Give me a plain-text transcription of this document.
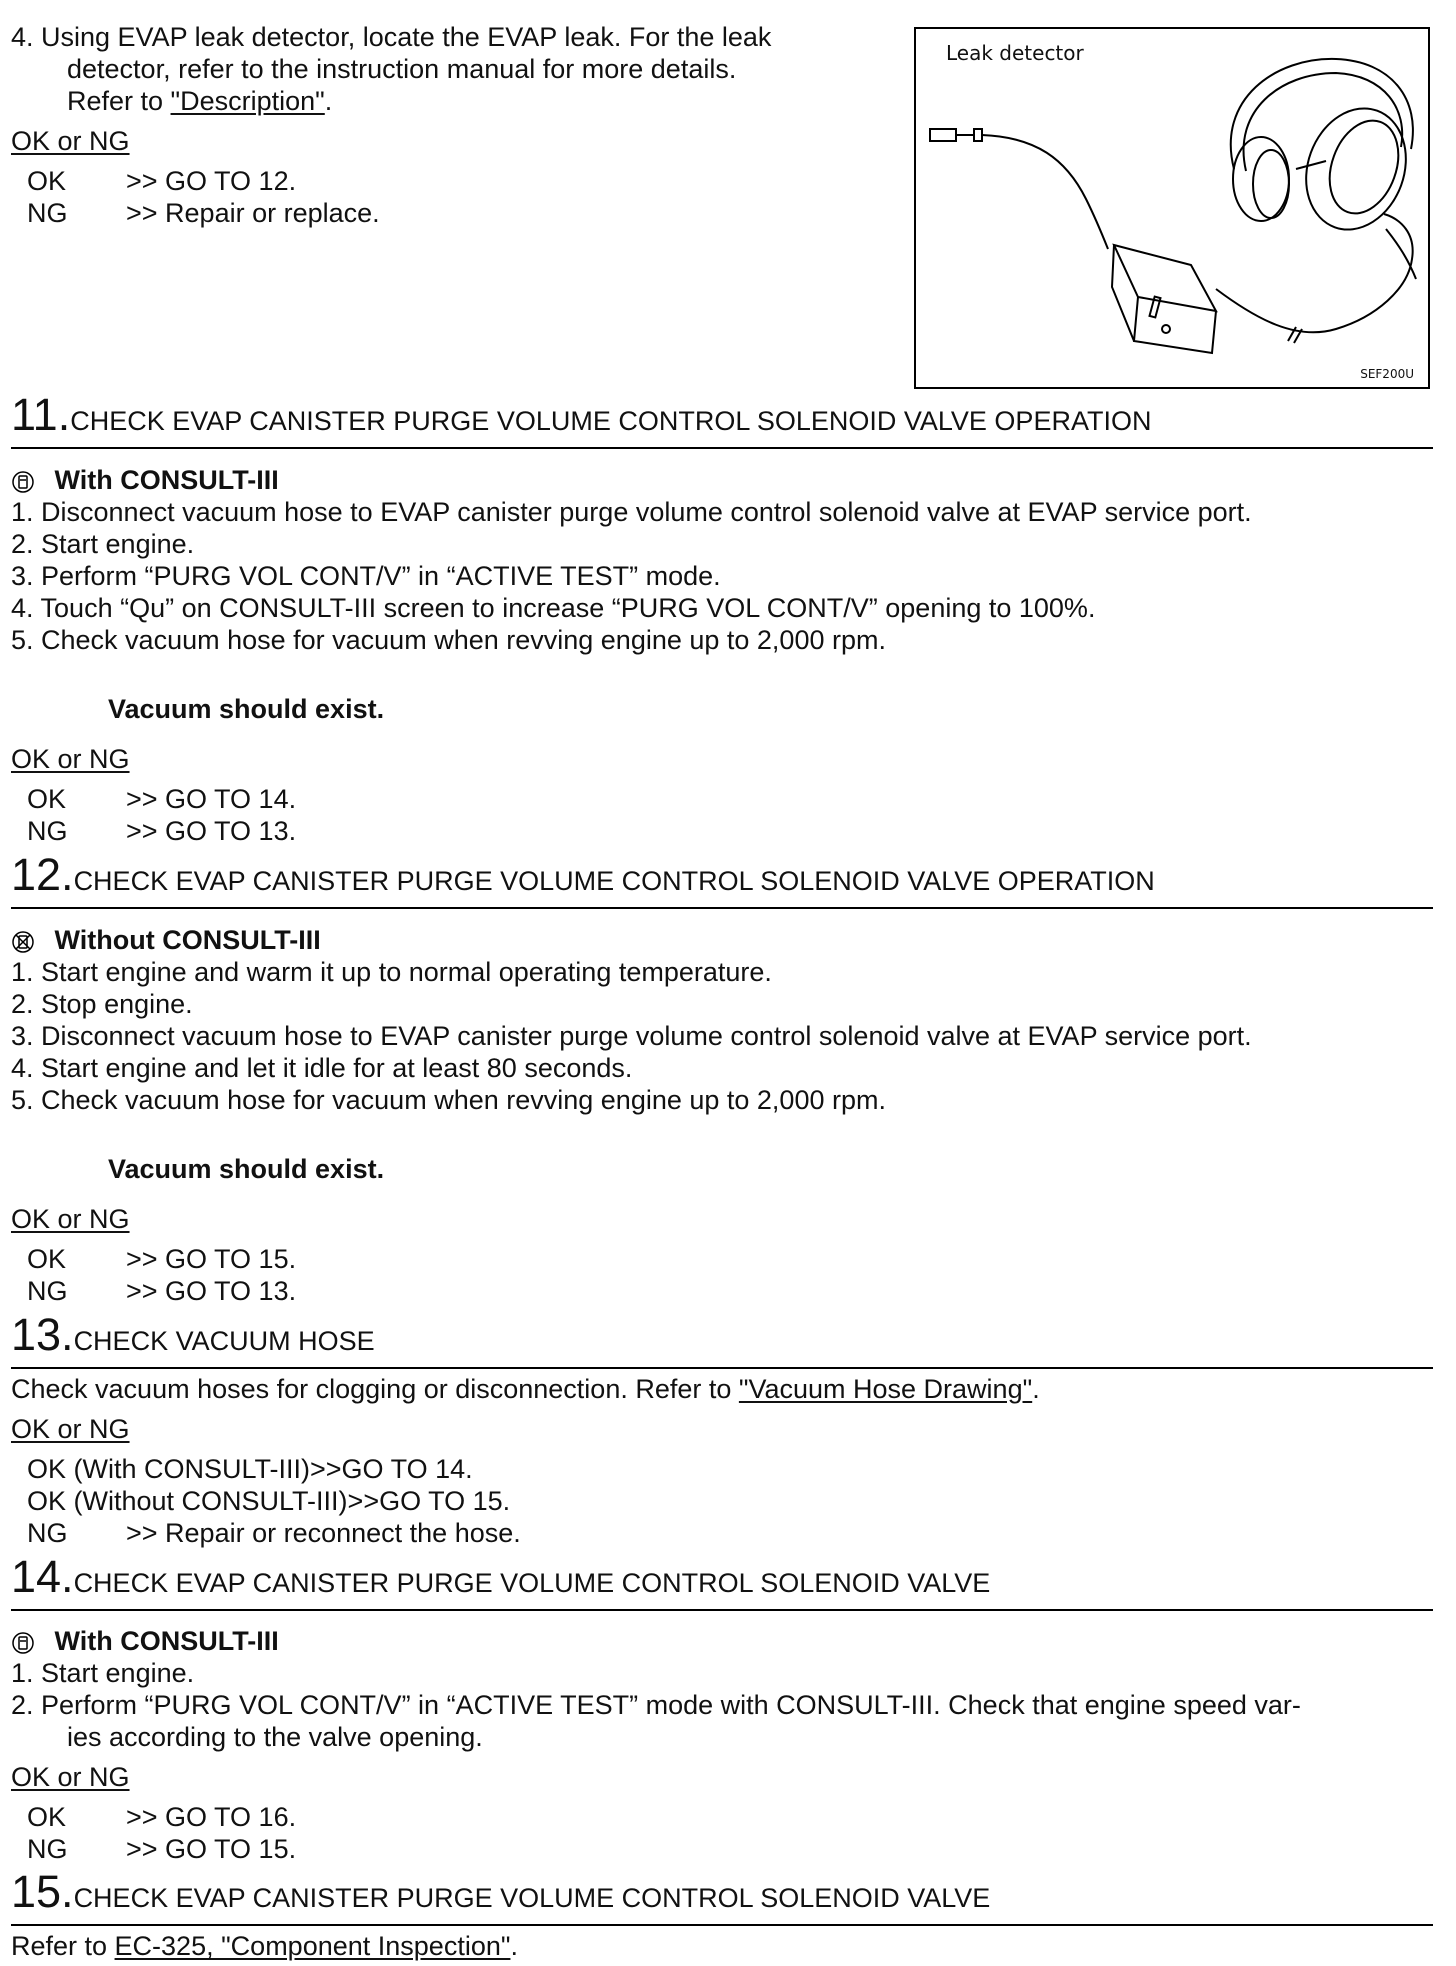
4. Using EVAP leak detector, locate the EVAP leak. For the leak
detector, refer to the instruction manual for more details.
Refer to "Description".
OK or NG
OK >> GO TO 12.
NG >> Repair or replace.
Leak detector
SEF200U
11.CHECK EVAP CANISTER PURGE VOLUME CONTROL SOLENOID VALVE OPERATION
With CONSULT-III
1. Disconnect vacuum hose to EVAP canister purge volume control solenoid valve at EVAP service port.
2. Start engine.
3. Perform “PURG VOL CONT/V” in “ACTIVE TEST” mode.
4. Touch “Qu” on CONSULT-III screen to increase “PURG VOL CONT/V” opening to 100%.
5. Check vacuum hose for vacuum when revving engine up to 2,000 rpm.
Vacuum should exist.
OK or NG
OK >> GO TO 14.
NG >> GO TO 13.
12.CHECK EVAP CANISTER PURGE VOLUME CONTROL SOLENOID VALVE OPERATION
Without CONSULT-III
1. Start engine and warm it up to normal operating temperature.
2. Stop engine.
3. Disconnect vacuum hose to EVAP canister purge volume control solenoid valve at EVAP service port.
4. Start engine and let it idle for at least 80 seconds.
5. Check vacuum hose for vacuum when revving engine up to 2,000 rpm.
Vacuum should exist.
OK or NG
OK >> GO TO 15.
NG >> GO TO 13.
13.CHECK VACUUM HOSE
Check vacuum hoses for clogging or disconnection. Refer to "Vacuum Hose Drawing".
OK or NG
OK (With CONSULT-III)>>GO TO 14.
OK (Without CONSULT-III)>>GO TO 15.
NG >> Repair or reconnect the hose.
14.CHECK EVAP CANISTER PURGE VOLUME CONTROL SOLENOID VALVE
With CONSULT-III
1. Start engine.
2. Perform “PURG VOL CONT/V” in “ACTIVE TEST” mode with CONSULT-III. Check that engine speed var-
ies according to the valve opening.
OK or NG
OK >> GO TO 16.
NG >> GO TO 15.
15.CHECK EVAP CANISTER PURGE VOLUME CONTROL SOLENOID VALVE
Refer to EC-325, "Component Inspection".
